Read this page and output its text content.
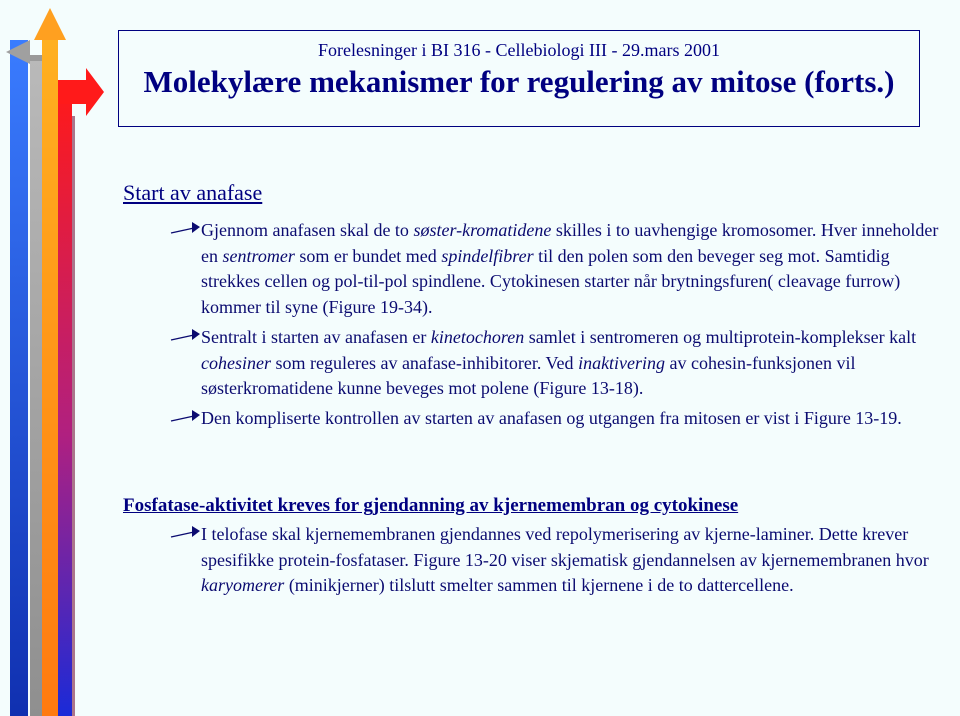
Forelesninger i BI 316 - Cellebiologi III - 29.mars 2001
Molekylære mekanismer for regulering av mitose (forts.)
Start av anafase
Gjennom anafasen skal de to søster-kromatidene skilles i to uavhengige kromosomer. Hver inneholder en sentromer som er bundet med spindelfibrer til den polen som den beveger seg mot. Samtidig strekkes cellen og pol-til-pol spindlene. Cytokinesen starter når brytningsfuren( cleavage furrow) kommer til syne (Figure 19-34).
Sentralt i starten av anafasen er kinetochoren samlet i sentromeren og multiprotein-komplekser kalt cohesiner som reguleres av anafase-inhibitorer. Ved inaktivering av cohesin-funksjonen vil søsterkromatidene kunne beveges mot polene (Figure 13-18).
Den kompliserte kontrollen av starten av anafasen og utgangen fra mitosen er vist i Figure 13-19.
Fosfatase-aktivitet kreves for gjendanning av kjernemembran og cytokinese
I telofase skal kjernemembranen gjendannes ved repolymerisering av kjerne-laminer. Dette krever spesifikke protein-fosfataser. Figure 13-20 viser skjematisk gjendannelsen av kjernemembranen hvor karyomerer (minikjerner) tilslutt smelter sammen til kjernene i de to dattercellene.
